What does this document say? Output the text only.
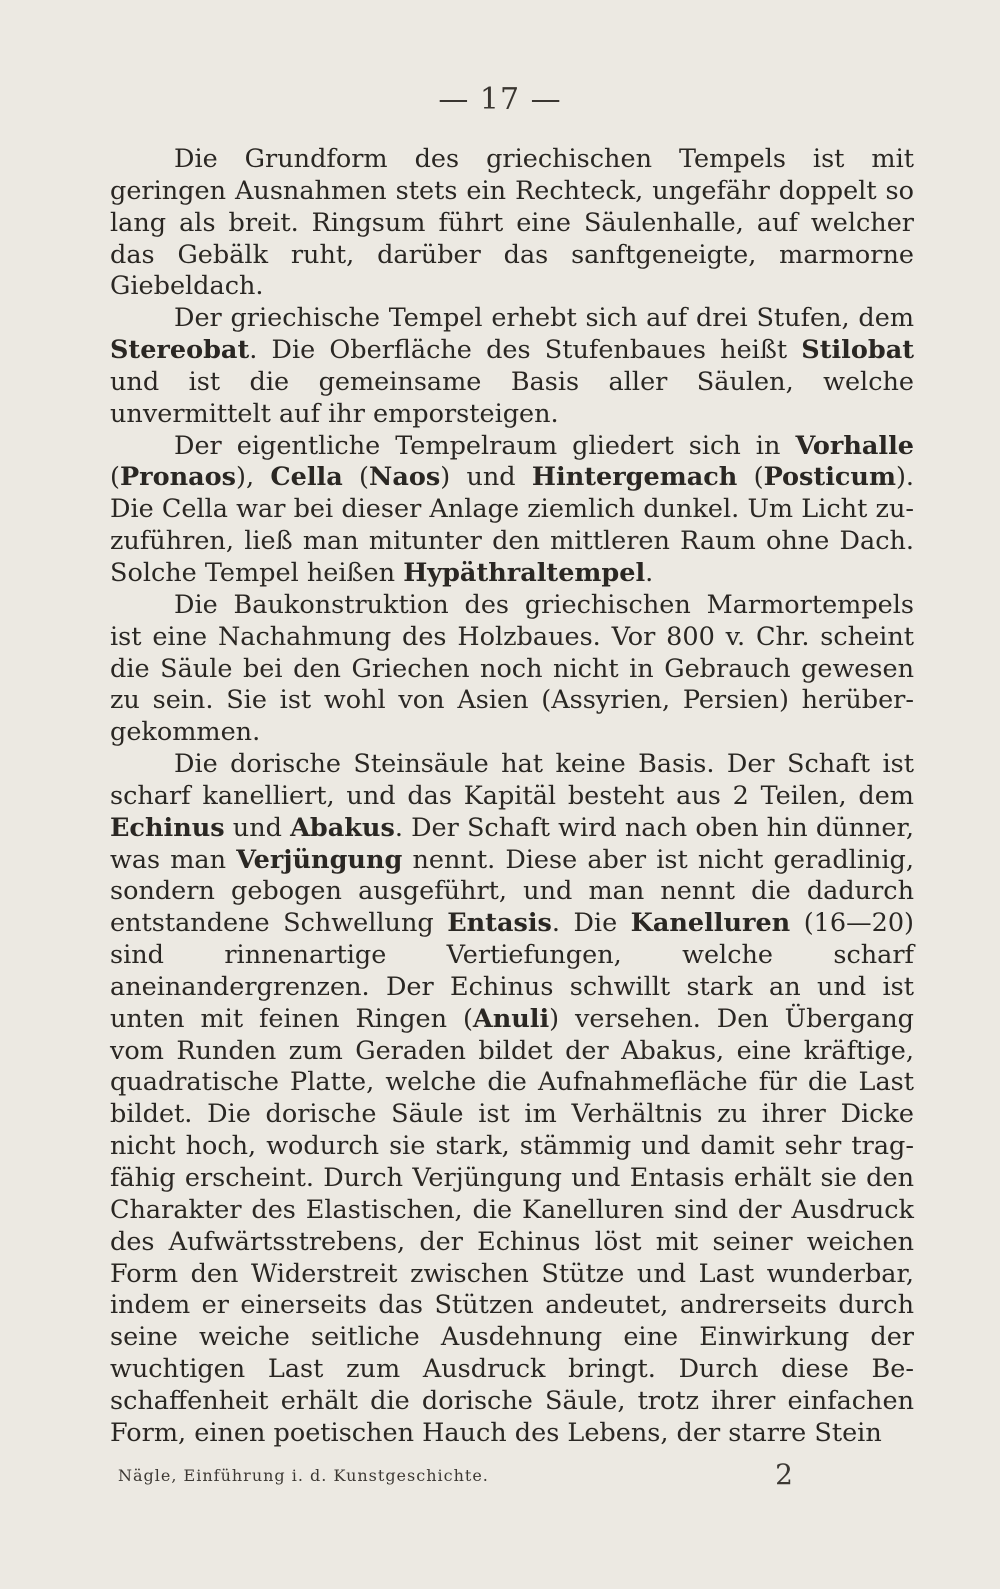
— 17 —

Die Grundform des griechischen Tempels ist mit geringen Ausnahmen stets ein Rechteck, ungefähr doppelt so lang als breit. Ringsum führt eine Säulenhalle, auf welcher das Gebälk ruht, darüber das sanftgeneigte, marmorne Giebeldach.

Der griechische Tempel erhebt sich auf drei Stufen, dem Stereobat. Die Oberfläche des Stufenbaues heißt Stilobat und ist die gemeinsame Basis aller Säulen, welche unvermittelt auf ihr emporsteigen.

Der eigentliche Tempelraum gliedert sich in Vorhalle (Pronaos), Cella (Naos) und Hintergemach (Posticum). Die Cella war bei dieser Anlage ziemlich dunkel. Um Licht zuzuführen, ließ man mitunter den mittleren Raum ohne Dach. Solche Tempel heißen Hypäthraltempel.

Die Baukonstruktion des griechischen Marmortempels ist eine Nachahmung des Holzbaues. Vor 800 v. Chr. scheint die Säule bei den Griechen noch nicht in Gebrauch gewesen zu sein. Sie ist wohl von Asien (Assyrien, Persien) herübergekommen.

Die dorische Steinsäule hat keine Basis. Der Schaft ist scharf kanelliert, und das Kapitäl besteht aus 2 Teilen, dem Echinus und Abakus. Der Schaft wird nach oben hin dünner, was man Verjüngung nennt. Diese aber ist nicht geradlinig, sondern gebogen ausgeführt, und man nennt die dadurch entstandene Schwellung Entasis. Die Kanelluren (16—20) sind rinnenartige Vertiefungen, welche scharf aneinandergrenzen. Der Echinus schwillt stark an und ist unten mit feinen Ringen (Anuli) versehen. Den Übergang vom Runden zum Geraden bildet der Abakus, eine kräftige, quadratische Platte, welche die Aufnahmefläche für die Last bildet. Die dorische Säule ist im Verhältnis zu ihrer Dicke nicht hoch, wodurch sie stark, stämmig und damit sehr tragfähig erscheint. Durch Verjüngung und Entasis erhält sie den Charakter des Elastischen, die Kanelluren sind der Ausdruck des Aufwärtsstrebens, der Echinus löst mit seiner weichen Form den Widerstreit zwischen Stütze und Last wunderbar, indem er einerseits das Stützen andeutet, andrerseits durch seine weiche seitliche Ausdehnung eine Einwirkung der wuchtigen Last zum Ausdruck bringt. Durch diese Beschaffenheit erhält die dorische Säule, trotz ihrer einfachen Form, einen poetischen Hauch des Lebens, der starre Stein

Nägle, Einführung i. d. Kunstgeschichte.	2
